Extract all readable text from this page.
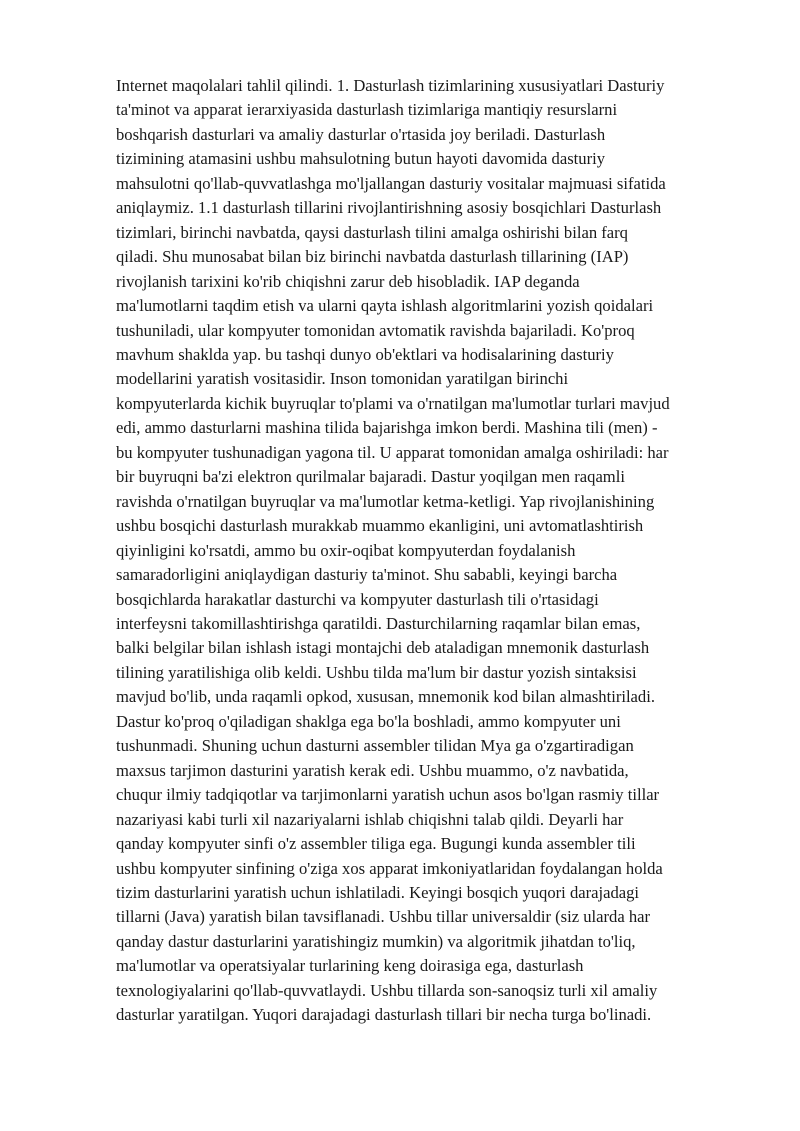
Internet maqolalari tahlil qilindi. 1. Dasturlash tizimlarining xususiyatlari Dasturiy
ta'minot va apparat ierarxiyasida dasturlash tizimlariga mantiqiy resurslarni
boshqarish dasturlari va amaliy dasturlar o'rtasida joy beriladi. Dasturlash
tizimining atamasini ushbu mahsulotning butun hayoti davomida dasturiy
mahsulotni qo'llab-quvvatlashga mo'ljallangan dasturiy vositalar majmuasi sifatida
aniqlaymiz. 1.1 dasturlash tillarini rivojlantirishning asosiy bosqichlari Dasturlash
tizimlari, birinchi navbatda, qaysi dasturlash tilini amalga oshirishi bilan farq
qiladi. Shu munosabat bilan biz birinchi navbatda dasturlash tillarining (IAP)
rivojlanish tarixini ko'rib chiqishni zarur deb hisobladik. IAP deganda
ma'lumotlarni taqdim etish va ularni qayta ishlash algoritmlarini yozish qoidalari
tushuniladi, ular kompyuter tomonidan avtomatik ravishda bajariladi. Ko'proq
mavhum shaklda yap. bu tashqi dunyo ob'ektlari va hodisalarining dasturiy
modellarini yaratish vositasidir. Inson tomonidan yaratilgan birinchi
kompyuterlarda kichik buyruqlar to'plami va o'rnatilgan ma'lumotlar turlari mavjud
edi, ammo dasturlarni mashina tilida bajarishga imkon berdi. Mashina tili (men) -
bu kompyuter tushunadigan yagona til. U apparat tomonidan amalga oshiriladi: har
bir buyruqni ba'zi elektron qurilmalar bajaradi. Dastur yoqilgan men raqamli
ravishda o'rnatilgan buyruqlar va ma'lumotlar ketma-ketligi. Yap rivojlanishining
ushbu bosqichi dasturlash murakkab muammo ekanligini, uni avtomatlashtirish
qiyinligini ko'rsatdi, ammo bu oxir-oqibat kompyuterdan foydalanish
samaradorligini aniqlaydigan dasturiy ta'minot. Shu sababli, keyingi barcha
bosqichlarda harakatlar dasturchi va kompyuter dasturlash tili o'rtasidagi
interfeysni takomillashtirishga qaratildi. Dasturchilarning raqamlar bilan emas,
balki belgilar bilan ishlash istagi montajchi deb ataladigan mnemonik dasturlash
tilining yaratilishiga olib keldi. Ushbu tilda ma'lum bir dastur yozish sintaksisi
mavjud bo'lib, unda raqamli opkod, xususan, mnemonik kod bilan almashtiriladi.
Dastur ko'proq o'qiladigan shaklga ega bo'la boshladi, ammo kompyuter uni
tushunmadi. Shuning uchun dasturni assembler tilidan Mya ga o'zgartiradigan
maxsus tarjimon dasturini yaratish kerak edi. Ushbu muammo, o'z navbatida,
chuqur ilmiy tadqiqotlar va tarjimonlarni yaratish uchun asos bo'lgan rasmiy tillar
nazariyasi kabi turli xil nazariyalarni ishlab chiqishni talab qildi. Deyarli har
qanday kompyuter sinfi o'z assembler tiliga ega. Bugungi kunda assembler tili
ushbu kompyuter sinfining o'ziga xos apparat imkoniyatlaridan foydalangan holda
tizim dasturlarini yaratish uchun ishlatiladi. Keyingi bosqich yuqori darajadagi
tillarni (Java) yaratish bilan tavsiflanadi. Ushbu tillar universaldir (siz ularda har
qanday dastur dasturlarini yaratishingiz mumkin) va algoritmik jihatdan to'liq,
ma'lumotlar va operatsiyalar turlarining keng doirasiga ega, dasturlash
texnologiyalarini qo'llab-quvvatlaydi. Ushbu tillarda son-sanoqsiz turli xil amaliy
dasturlar yaratilgan. Yuqori darajadagi dasturlash tillari bir necha turga bo'linadi.
